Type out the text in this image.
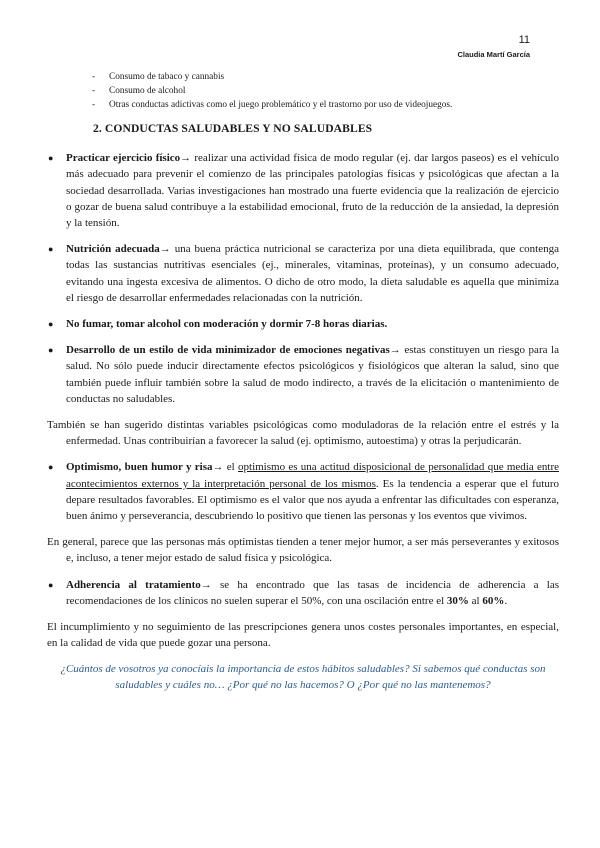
11
Claudia Martí García
- Consumo de tabaco y cannabis
- Consumo de alcohol
- Otras conductas adictivas como el juego problemático y el trastorno por uso de videojuegos.
2. CONDUCTAS SALUDABLES Y NO SALUDABLES
● Practicar ejercicio físico→ realizar una actividad física de modo regular (ej. dar largos paseos) es el vehículo más adecuado para prevenir el comienzo de las principales patologías físicas y psicológicas que afectan a la sociedad desarrollada. Varias investigaciones han mostrado una fuerte evidencia que la realización de ejercicio o gozar de buena salud contribuye a la estabilidad emocional, fruto de la reducción de la ansiedad, la depresión y la tensión.
● Nutrición adecuada→ una buena práctica nutricional se caracteriza por una dieta equilibrada, que contenga todas las sustancias nutritivas esenciales (ej., minerales, vitaminas, proteínas), y un consumo adecuado, evitando una ingesta excesiva de alimentos. O dicho de otro modo, la dieta saludable es aquella que minimiza el riesgo de desarrollar enfermedades relacionadas con la nutrición.
● No fumar, tomar alcohol con moderación y dormir 7-8 horas diarias.
● Desarrollo de un estilo de vida minimizador de emociones negativas→ estas constituyen un riesgo para la salud. No sólo puede inducir directamente efectos psicológicos y fisiológicos que alteran la salud, sino que también puede influir también sobre la salud de modo indirecto, a través de la elicitación o mantenimiento de conductas no saludables.
También se han sugerido distintas variables psicológicas como moduladoras de la relación entre el estrés y la enfermedad. Unas contribuirían a favorecer la salud (ej. optimismo, autoestima) y otras la perjudicarán.
● Optimismo, buen humor y risa→ el optimismo es una actitud disposicional de personalidad que media entre acontecimientos externos y la interpretación personal de los mismos. Es la tendencia a esperar que el futuro depare resultados favorables. El optimismo es el valor que nos ayuda a enfrentar las dificultades con esperanza, buen ánimo y perseverancia, descubriendo lo positivo que tienen las personas y los eventos que vivimos.
En general, parece que las personas más optimistas tienden a tener mejor humor, a ser más perseverantes y exitosos e, incluso, a tener mejor estado de salud física y psicológica.
● Adherencia al tratamiento→ se ha encontrado que las tasas de incidencia de adherencia a las recomendaciones de los clínicos no suelen superar el 50%, con una oscilación entre el 30% al 60%.
El incumplimiento y no seguimiento de las prescripciones genera unos costes personales importantes, en especial, en la calidad de vida que puede gozar una persona.
¿Cuántos de vosotros ya conocíais la importancia de estos hábitos saludables? Si sabemos qué conductas son saludables y cuáles no… ¿Por qué no las hacemos? O ¿Por qué no las mantenemos?
